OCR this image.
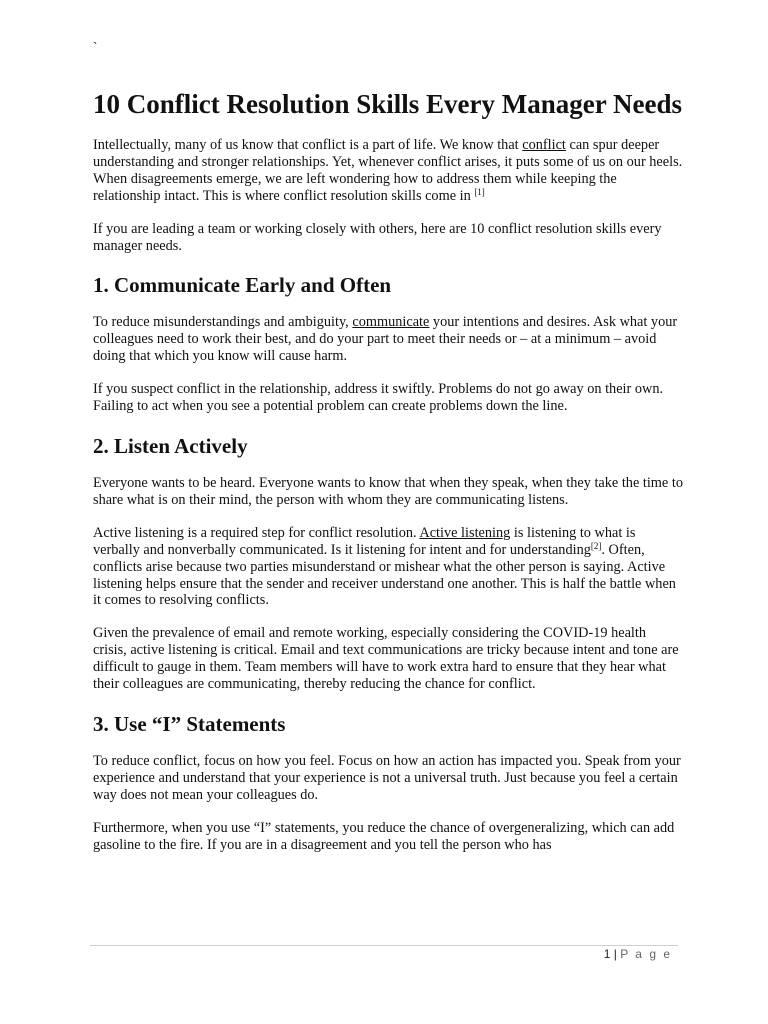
`
10 Conflict Resolution Skills Every Manager Needs

Intellectually, many of us know that conflict is a part of life. We know that conflict can spur deeper understanding and stronger relationships. Yet, whenever conflict arises, it puts some of us on our heels. When disagreements emerge, we are left wondering how to address them while keeping the relationship intact. This is where conflict resolution skills come in [1]

If you are leading a team or working closely with others, here are 10 conflict resolution skills every manager needs.

1. Communicate Early and Often

To reduce misunderstandings and ambiguity, communicate your intentions and desires. Ask what your colleagues need to work their best, and do your part to meet their needs or – at a minimum – avoid doing that which you know will cause harm.

If you suspect conflict in the relationship, address it swiftly. Problems do not go away on their own. Failing to act when you see a potential problem can create problems down the line.

2. Listen Actively

Everyone wants to be heard. Everyone wants to know that when they speak, when they take the time to share what is on their mind, the person with whom they are communicating listens.

Active listening is a required step for conflict resolution. Active listening is listening to what is verbally and nonverbally communicated. Is it listening for intent and for understanding[2]. Often, conflicts arise because two parties misunderstand or mishear what the other person is saying. Active listening helps ensure that the sender and receiver understand one another. This is half the battle when it comes to resolving conflicts.

Given the prevalence of email and remote working, especially considering the COVID-19 health crisis, active listening is critical. Email and text communications are tricky because intent and tone are difficult to gauge in them. Team members will have to work extra hard to ensure that they hear what their colleagues are communicating, thereby reducing the chance for conflict.

3. Use “I” Statements

To reduce conflict, focus on how you feel. Focus on how an action has impacted you. Speak from your experience and understand that your experience is not a universal truth. Just because you feel a certain way does not mean your colleagues do.

Furthermore, when you use “I” statements, you reduce the chance of overgeneralizing, which can add gasoline to the fire. If you are in a disagreement and you tell the person who has

1 | P a g e
